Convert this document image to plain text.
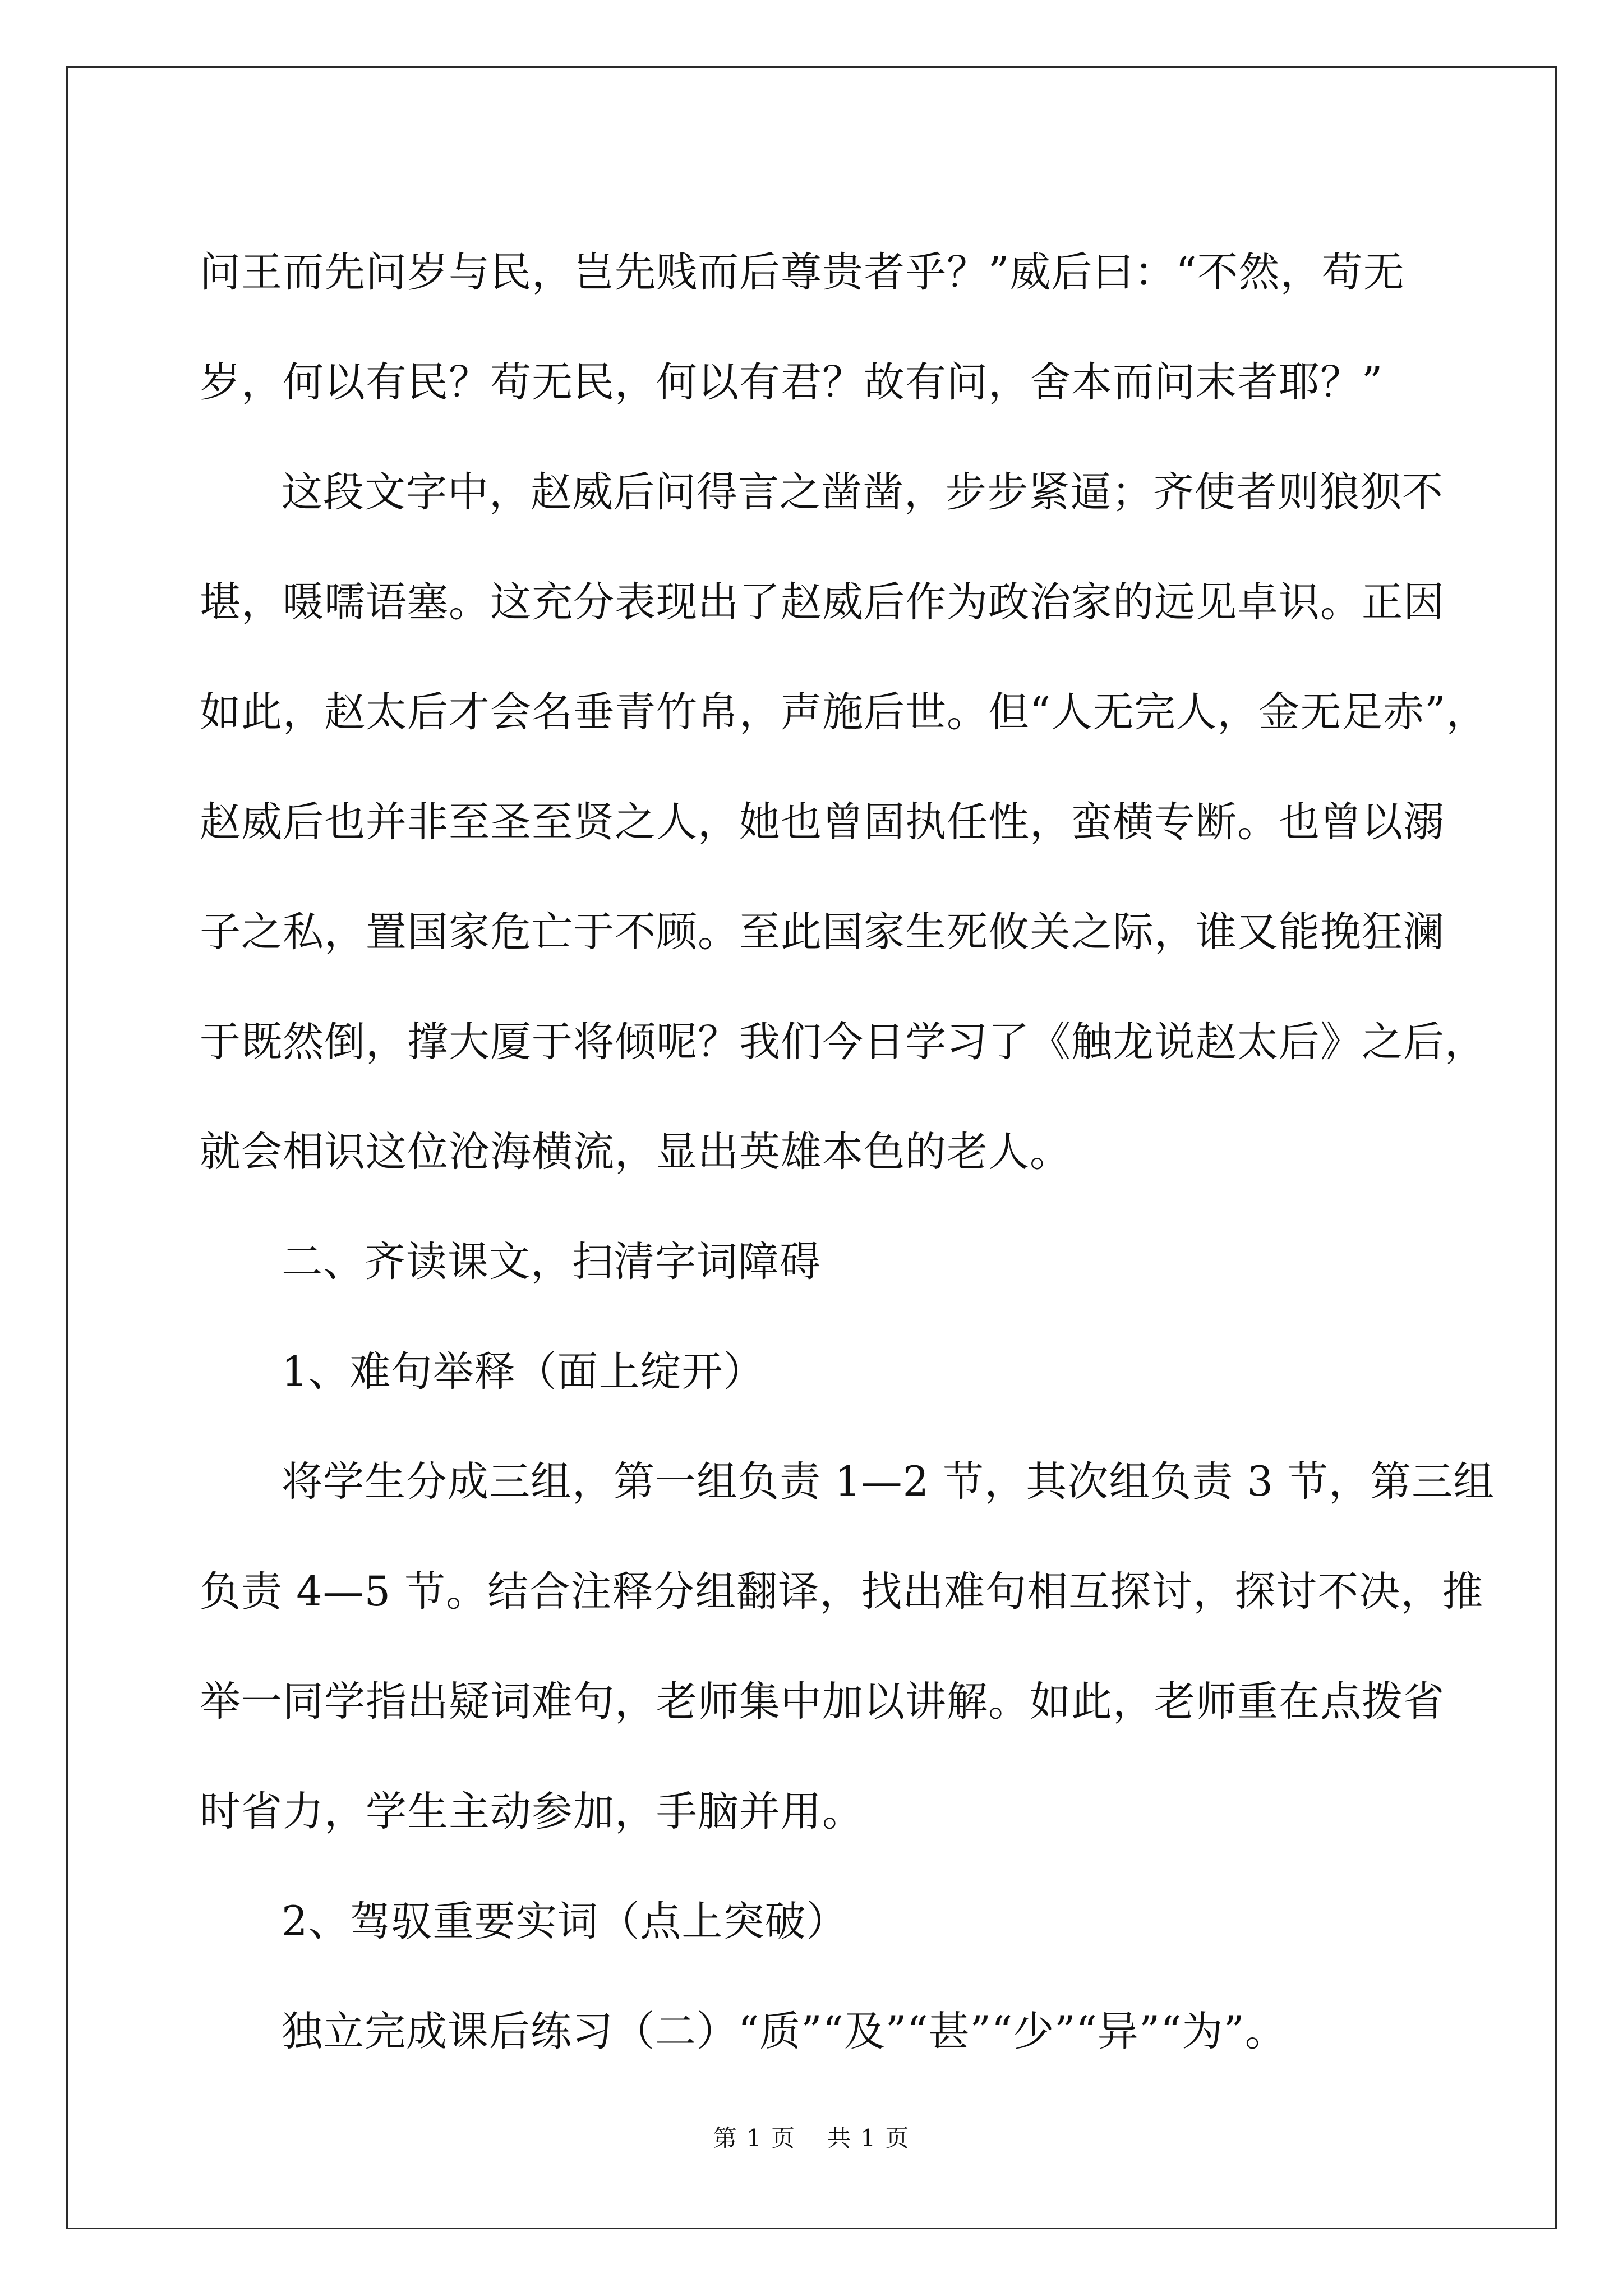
问王而先问岁与民，岂先贱而后尊贵者乎？”威后曰：“不然，苟无
岁，何以有民？苟无民，何以有君？故有问，舍本而问末者耶？”
这段文字中，赵威后问得言之凿凿，步步紧逼；齐使者则狼狈不
堪，嗫嚅语塞。这充分表现出了赵威后作为政治家的远见卓识。正因
如此，赵太后才会名垂青竹帛，声施后世。但“人无完人，金无足赤”，
赵威后也并非至圣至贤之人，她也曾固执任性，蛮横专断。也曾以溺
子之私，置国家危亡于不顾。至此国家生死攸关之际，谁又能挽狂澜
于既然倒，撑大厦于将倾呢？我们今日学习了《触龙说赵太后》之后，
就会相识这位沧海横流，显出英雄本色的老人。
二、齐读课文，扫清字词障碍
1、难句举释（面上绽开）
将学生分成三组，第一组负责 1—2 节，其次组负责 3 节，第三组
负责 4—5 节。结合注释分组翻译，找出难句相互探讨，探讨不决，推
举一同学指出疑词难句，老师集中加以讲解。如此，老师重在点拨省
时省力，学生主动参加，手脑并用。
2、驾驭重要实词（点上突破）
独立完成课后练习（二）“质”“及”“甚”“少”“异”“为”。
第 1 页 共 1 页
